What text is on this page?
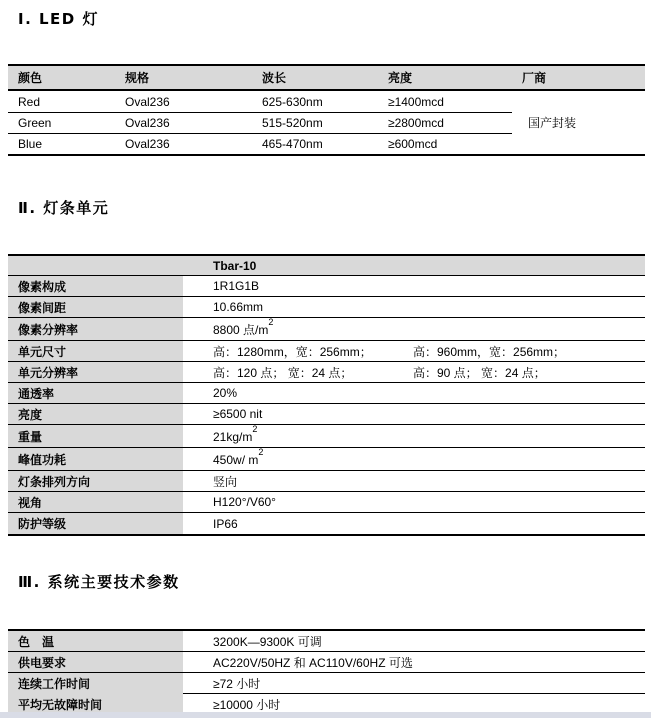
Ⅰ. LED 灯
颜色	规格	波长	亮度	厂商
Red	Oval236	625-630nm	≥1400mcd
Green	Oval236	515-520nm	≥2800mcd
Blue	Oval236	465-470nm	≥600mcd
国产封装
Ⅱ. 灯条单元
Tbar-10
像素构成	1R1G1B
像素间距	10.66mm
像素分辨率	8800 点$/m^2$
单元尺寸	高：1280mm，宽：256mm；	高：960mm，宽：256mm；
单元分辨率	高：120 点； 宽：24 点；	高：90 点； 宽：24 点；
通透率	20%
亮度	≥6500 nit
重量	$21kg/m^2$
峰值功耗	450w/ $m^2$
灯条排列方向	竖向
视角	H120°/V60°
防护等级	IP66
Ⅲ. 系统主要技术参数
色　温	3200K—9300K 可调
供电要求	AC220V/50HZ 和 AC110V/60HZ 可选
连续工作时间	≥72 小时
平均无故障时间	≥10000 小时
